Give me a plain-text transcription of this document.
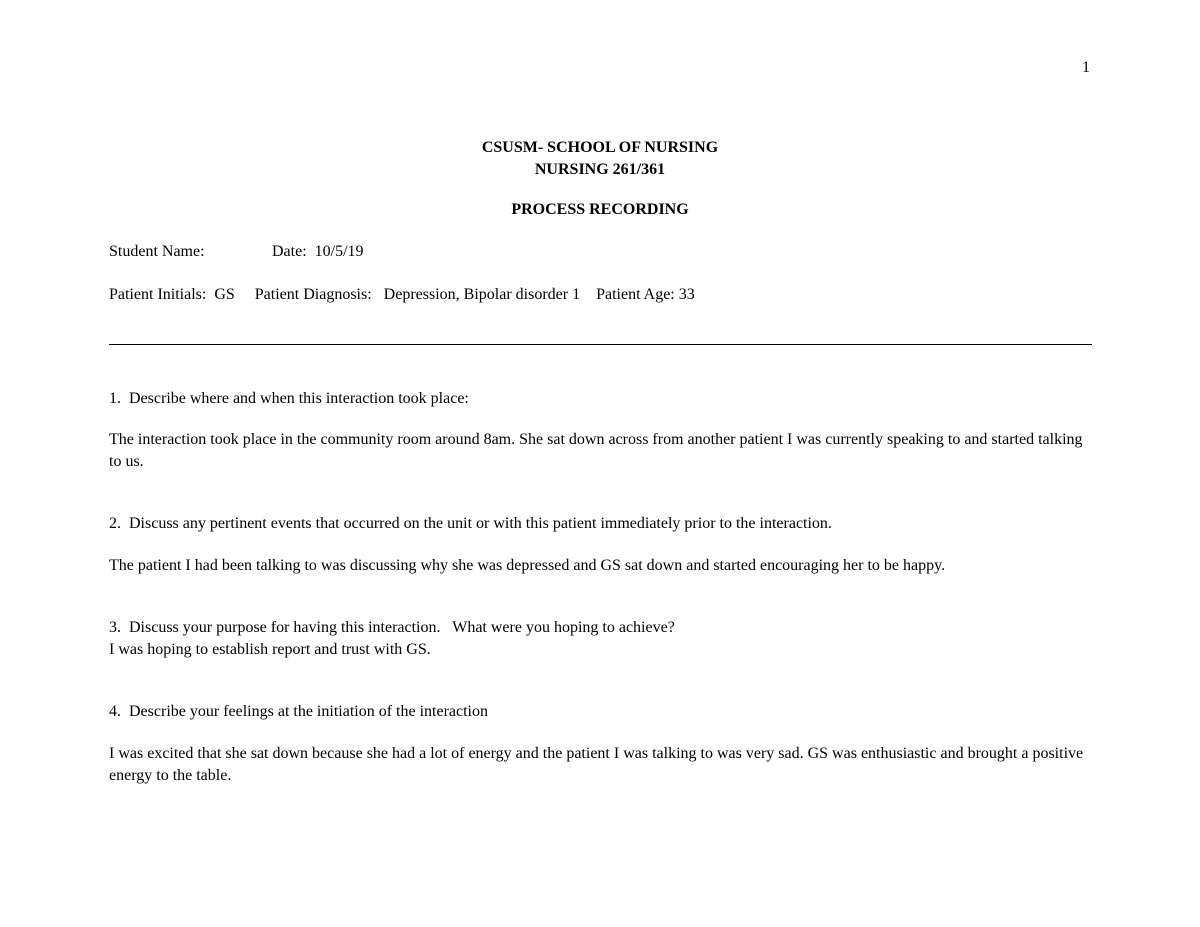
1
CSUSM- SCHOOL OF NURSING
NURSING 261/361
PROCESS RECORDING
Student Name:	Date: 10/5/19
Patient Initials: GS Patient Diagnosis: Depression, Bipolar disorder 1 Patient Age: 33

1. Describe where and when this interaction took place:

The interaction took place in the community room around 8am. She sat down across from another patient I was currently speaking to and started talking to us.

2. Discuss any pertinent events that occurred on the unit or with this patient immediately prior to the interaction.

The patient I had been talking to was discussing why she was depressed and GS sat down and started encouraging her to be happy.

3. Discuss your purpose for having this interaction.   What were you hoping to achieve?

I was hoping to establish report and trust with GS.

4. Describe your feelings at the initiation of the interaction

I was excited that she sat down because she had a lot of energy and the patient I was talking to was very sad. GS was enthusiastic and brought a positive energy to the table.
